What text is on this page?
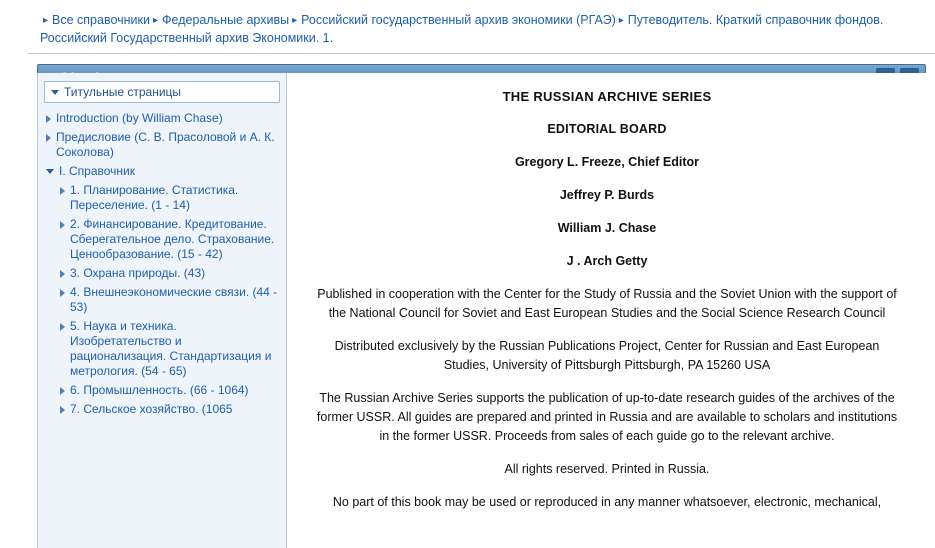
▸ Все справочники ▸ Федеральные архивы ▸ Российский государственный архив экономики (РГАЭ) ▸ Путеводитель. Краткий справочник фондов. Российский Государственный архив Экономики. 1.
Титульные страницы
Introduction (by William Chase)
Предисловие (С. В. Прасоловой и А. К. Соколова)
I. Справочник
1. Планирование. Статистика. Переселение. (1 - 14)
2. Финансирование. Кредитование. Сберегательное дело. Страхование. Ценообразование. (15 - 42)
3. Охрана природы. (43)
4. Внешнеэкономические связи. (44 - 53)
5. Наука и техника. Изобретательство и рационализация. Стандартизация и метрология. (54 - 65)
6. Промышленность. (66 - 1064)
7. Сельское хозяйство. (1065

THE RUSSIAN ARCHIVE SERIES

EDITORIAL BOARD

Gregory L. Freeze, Chief Editor

Jeffrey P. Burds

William J. Chase

J . Arch Getty

Published in cooperation with the Center for the Study of Russia and the Soviet Union with the support of the National Council for Soviet and East European Studies and the Social Science Research Council

Distributed exclusively by the Russian Publications Project, Center for Russian and East European Studies, University of Pittsburgh Pittsburgh, PA 15260 USA

The Russian Archive Series supports the publication of up-to-date research guides of the archives of the former USSR. All guides are prepared and printed in Russia and are available to scholars and institutions in the former USSR. Proceeds from sales of each guide go to the relevant archive.

All rights reserved. Printed in Russia.

No part of this book may be used or reproduced in any manner whatsoever, electronic, mechanical,
